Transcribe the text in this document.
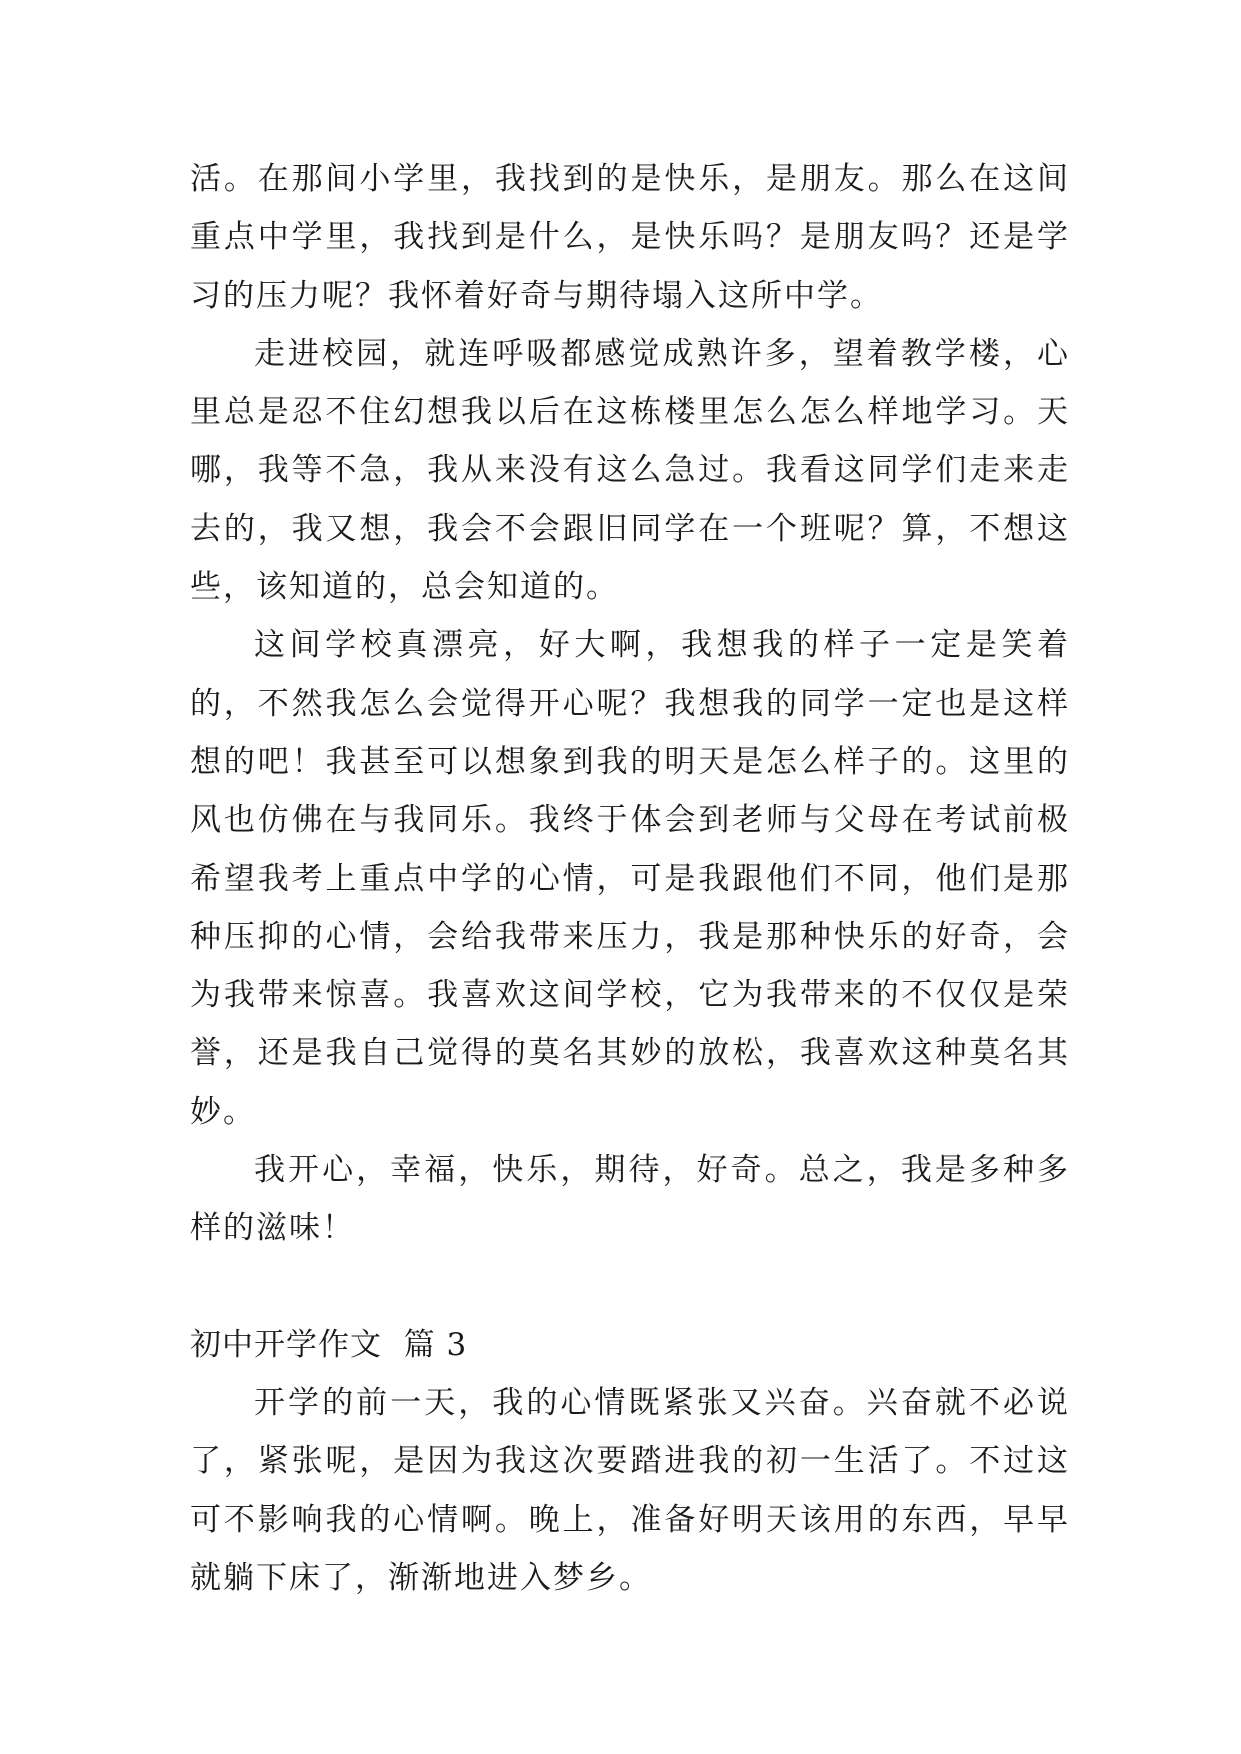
活。在那间小学里，我找到的是快乐，是朋友。那么在这间重点中学里，我找到是什么，是快乐吗？是朋友吗？还是学习的压力呢？我怀着好奇与期待塌入这所中学。

走进校园，就连呼吸都感觉成熟许多，望着教学楼，心里总是忍不住幻想我以后在这栋楼里怎么怎么样地学习。天哪，我等不急，我从来没有这么急过。我看这同学们走来走去的，我又想，我会不会跟旧同学在一个班呢？算，不想这些，该知道的，总会知道的。

这间学校真漂亮，好大啊，我想我的样子一定是笑着的，不然我怎么会觉得开心呢？我想我的同学一定也是这样想的吧！我甚至可以想象到我的明天是怎么样子的。这里的风也仿佛在与我同乐。我终于体会到老师与父母在考试前极希望我考上重点中学的心情，可是我跟他们不同，他们是那种压抑的心情，会给我带来压力，我是那种快乐的好奇，会为我带来惊喜。我喜欢这间学校，它为我带来的不仅仅是荣誉，还是我自己觉得的莫名其妙的放松，我喜欢这种莫名其妙。

我开心，幸福，快乐，期待，好奇。总之，我是多种多样的滋味！

初中开学作文  篇 3

开学的前一天，我的心情既紧张又兴奋。兴奋就不必说了，紧张呢，是因为我这次要踏进我的初一生活了。不过这可不影响我的心情啊。晚上，准备好明天该用的东西，早早就躺下床了，渐渐地进入梦乡。
